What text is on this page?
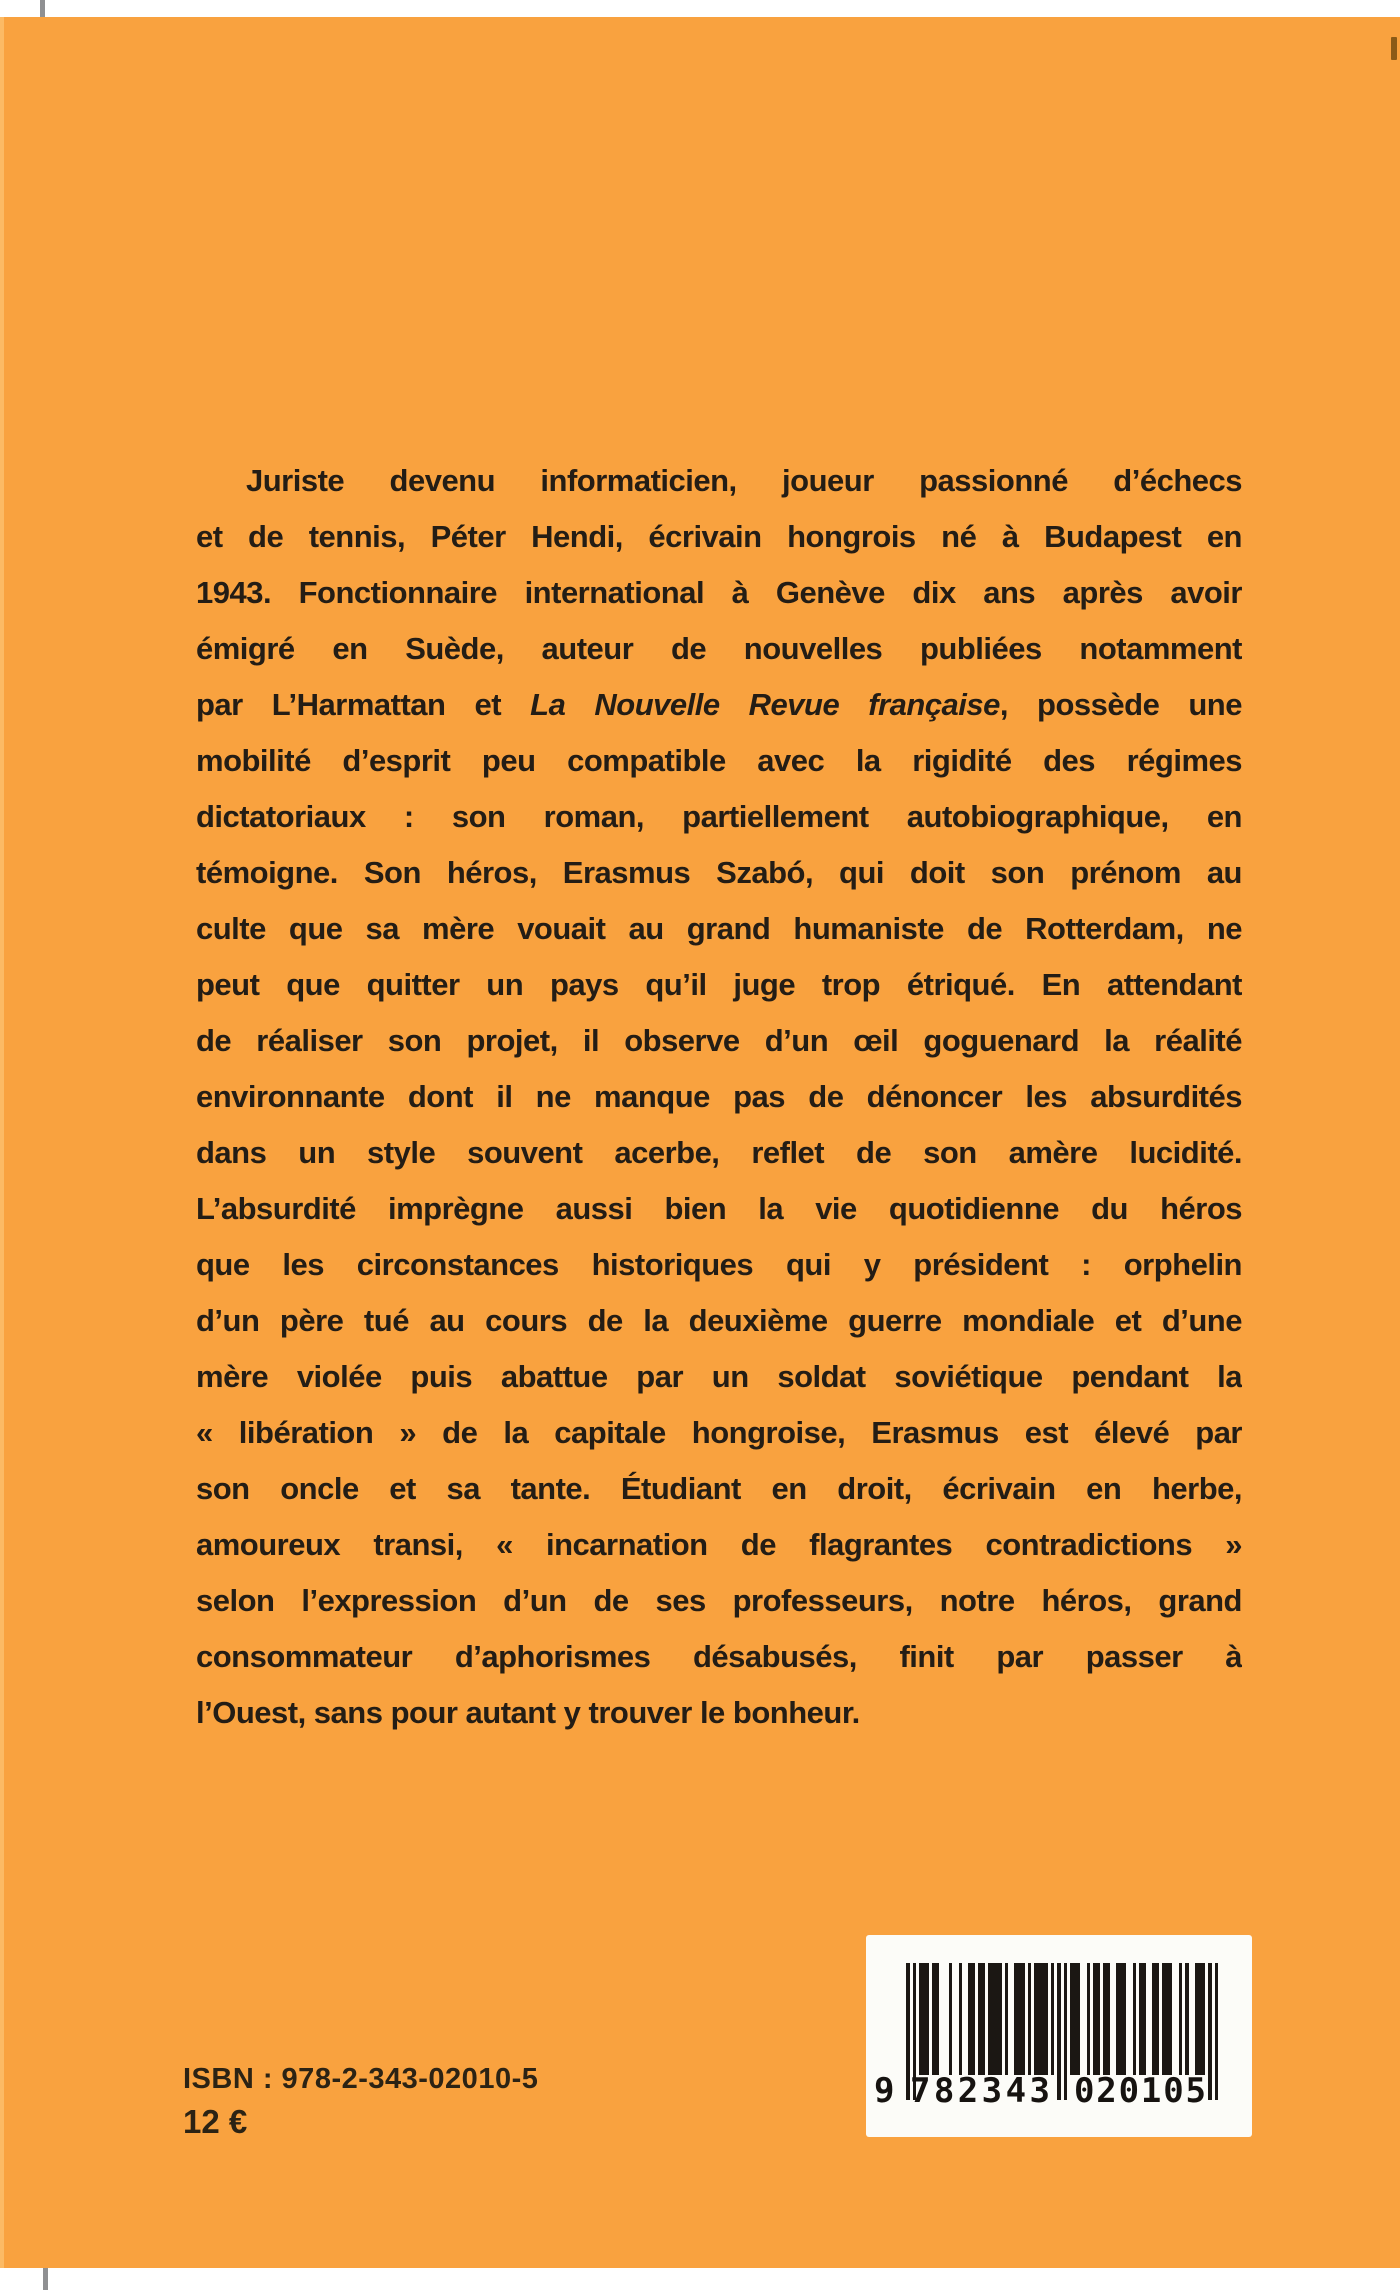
Juriste devenu informaticien, joueur passionné d’échecs
et de tennis, Péter Hendi, écrivain hongrois né à Budapest en
1943. Fonctionnaire international à Genève dix ans après avoir
émigré en Suède, auteur de nouvelles publiées notamment
par L’Harmattan et La Nouvelle Revue française, possède une
mobilité d’esprit peu compatible avec la rigidité des régimes
dictatoriaux : son roman, partiellement autobiographique, en
témoigne. Son héros, Erasmus Szabó, qui doit son prénom au
culte que sa mère vouait au grand humaniste de Rotterdam, ne
peut que quitter un pays qu’il juge trop étriqué. En attendant
de réaliser son projet, il observe d’un œil goguenard la réalité
environnante dont il ne manque pas de dénoncer les absurdités
dans un style souvent acerbe, reflet de son amère lucidité.
L’absurdité imprègne aussi bien la vie quotidienne du héros
que les circonstances historiques qui y président : orphelin
d’un père tué au cours de la deuxième guerre mondiale et d’une
mère violée puis abattue par un soldat soviétique pendant la
« libération » de la capitale hongroise, Erasmus est élevé par
son oncle et sa tante. Étudiant en droit, écrivain en herbe,
amoureux transi, « incarnation de flagrantes contradictions »
selon l’expression d’un de ses professeurs, notre héros, grand
consommateur d’aphorismes désabusés, finit par passer à
l’Ouest, sans pour autant y trouver le bonheur.
ISBN : 978-2-343-02010-5
12 €
9 7 8 2 3 4 3 0 2 0 1 0 5
